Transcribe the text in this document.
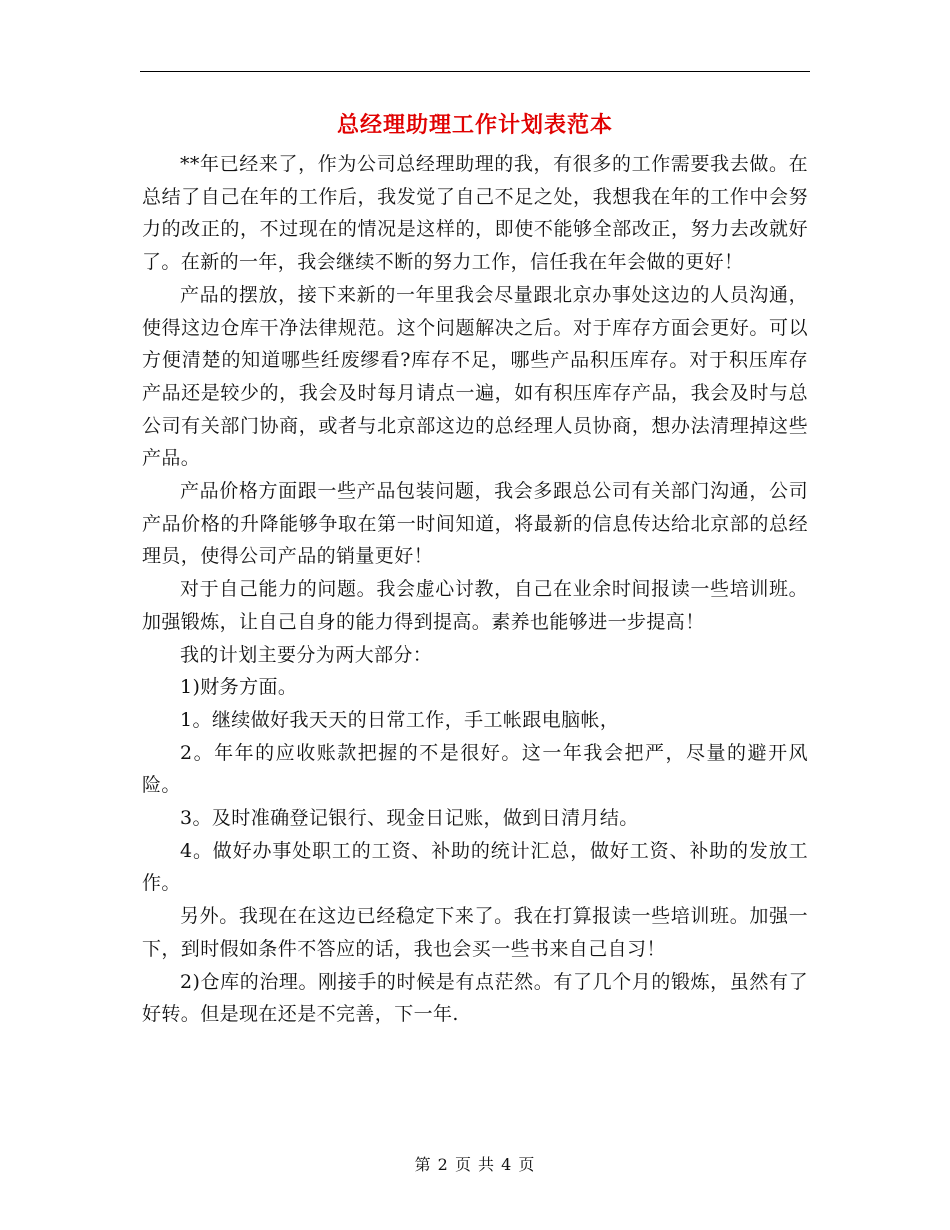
总经理助理工作计划表范本

**年已经来了，作为公司总经理助理的我，有很多的工作需要我去做。在总结了自己在年的工作后，我发觉了自己不足之处，我想我在年的工作中会努力的改正的，不过现在的情况是这样的，即使不能够全部改正，努力去改就好了。在新的一年，我会继续不断的努力工作，信任我在年会做的更好！

产品的摆放，接下来新的一年里我会尽量跟北京办事处这边的人员沟通，使得这边仓库干净法律规范。这个问题解决之后。对于库存方面会更好。可以方便清楚的知道哪些纴废缪看?库存不足，哪些产品积压库存。对于积压库存产品还是较少的，我会及时每月请点一遍，如有积压库存产品，我会及时与总公司有关部门协商，或者与北京部这边的总经理人员协商，想办法清理掉这些产品。

产品价格方面跟一些产品包装问题，我会多跟总公司有关部门沟通，公司产品价格的升降能够争取在第一时间知道，将最新的信息传达给北京部的总经理员，使得公司产品的销量更好！

对于自己能力的问题。我会虚心讨教，自己在业余时间报读一些培训班。加强锻炼，让自己自身的能力得到提高。素养也能够进一步提高！

我的计划主要分为两大部分：

1)财务方面。

1。继续做好我天天的日常工作，手工帐跟电脑帐，

2。年年的应收账款把握的不是很好。这一年我会把严，尽量的避开风险。

3。及时准确登记银行、现金日记账，做到日清月结。

4。做好办事处职工的工资、补助的统计汇总，做好工资、补助的发放工作。

另外。我现在在这边已经稳定下来了。我在打算报读一些培训班。加强一下，到时假如条件不答应的话，我也会买一些书来自己自习！

2)仓库的治理。刚接手的时候是有点茫然。有了几个月的锻炼，虽然有了好转。但是现在还是不完善，下一年.

第 2 页 共 4 页
